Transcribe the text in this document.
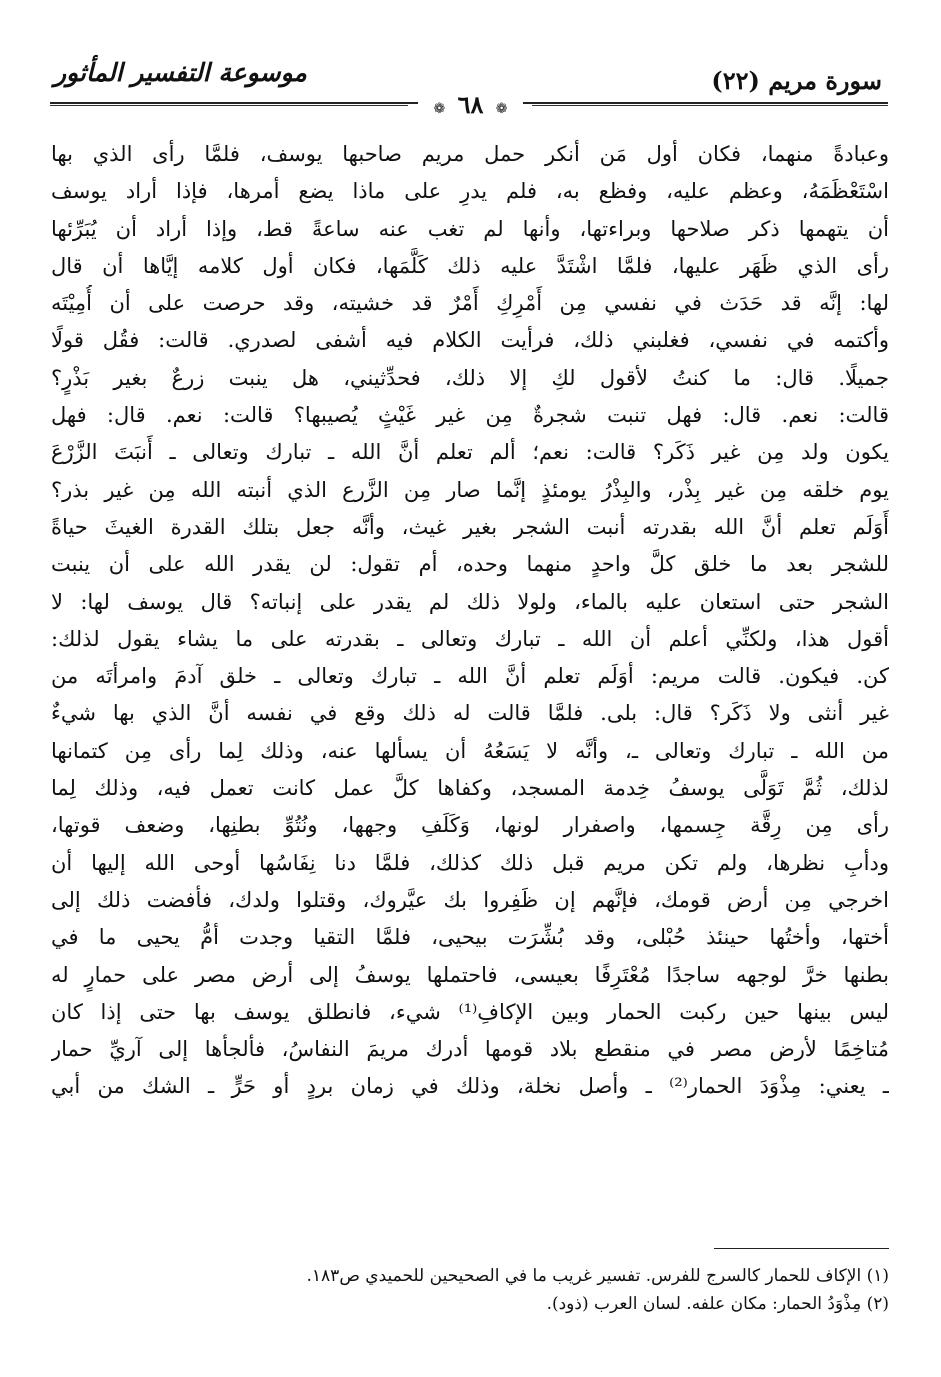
سورة مريم (٢٢)
موسوعة التفسير المأثور
❁ ٦٨ ❁
وعبادةً منهما، فكان أول مَن أنكر حمل مريم صاحبها يوسف، فلمَّا رأى الذي بها
اسْتَعْظَمَهُ، وعظم عليه، وفظع به، فلم يدرِ على ماذا يضع أمرها، فإذا أراد يوسف
أن يتهمها ذكر صلاحها وبراءتها، وأنها لم تغب عنه ساعةً قط، وإذا أراد أن يُبَرِّئها
رأى الذي ظَهَر عليها، فلمَّا اشْتَدَّ عليه ذلك كَلَّمَها، فكان أول كلامه إيَّاها أن قال
لها: إنَّه قد حَدَث في نفسي مِن أَمْرِكِ أَمْرٌ قد خشيته، وقد حرصت على أن أُمِيْتَه
وأكتمه في نفسي، فغلبني ذلك، فرأيت الكلام فيه أشفى لصدري. قالت: فقُل قولًا
جميلًا. قال: ما كنتُ لأقول لكِ إلا ذلك، فحدِّثيني، هل ينبت زرعٌ بغير بَذْرٍ؟
قالت: نعم. قال: فهل تنبت شجرةٌ مِن غير غَيْثٍ يُصيبها؟ قالت: نعم. قال: فهل
يكون ولد مِن غير ذَكَر؟ قالت: نعم؛ ألم تعلم أنَّ الله ـ تبارك وتعالى ـ أَنبَتَ الزَّرْعَ
يوم خلقه مِن غير بِذْر، والبِذْرُ يومئذٍ إنَّما صار مِن الزَّرع الذي أنبته الله مِن غير بذر؟
أَوَلَم تعلم أنَّ الله بقدرته أنبت الشجر بغير غيث، وأنَّه جعل بتلك القدرة الغيثَ حياةً
للشجر بعد ما خلق كلَّ واحدٍ منهما وحده، أم تقول: لن يقدر الله على أن ينبت
الشجر حتى استعان عليه بالماء، ولولا ذلك لم يقدر على إنباته؟ قال يوسف لها: لا
أقول هذا، ولكنِّي أعلم أن الله ـ تبارك وتعالى ـ بقدرته على ما يشاء يقول لذلك:
كن. فيكون. قالت مريم: أوَلَم تعلم أنَّ الله ـ تبارك وتعالى ـ خلق آدمَ وامرأتَه من
غير أنثى ولا ذَكَر؟ قال: بلى. فلمَّا قالت له ذلك وقع في نفسه أنَّ الذي بها شيءٌ
من الله ـ تبارك وتعالى ـ، وأنَّه لا يَسَعُهُ أن يسألها عنه، وذلك لِما رأى مِن كتمانها
لذلك، ثُمَّ تَوَلَّى يوسفُ خِدمة المسجد، وكفاها كلَّ عمل كانت تعمل فيه، وذلك لِما
رأى مِن رِقَّة جِسمها، واصفرار لونها، وَكَلَفِ وجهها، ونُتُوِّ بطنِها، وضعف قوتها،
ودأبِ نظرها، ولم تكن مريم قبل ذلك كذلك، فلمَّا دنا نِفَاسُها أوحى الله إليها أن
اخرجي مِن أرض قومك، فإنَّهم إن ظَفِروا بك عيَّروك، وقتلوا ولدك، فأفضت ذلك إلى
أختها، وأختُها حينئذ حُبْلى، وقد بُشِّرَت بيحيى، فلمَّا التقيا وجدت أمُّ يحيى ما في
بطنها خرَّ لوجهه ساجدًا مُعْتَرِفًا بعيسى، فاحتملها يوسفُ إلى أرض مصر على حمارٍ له
ليس بينها حين ركبت الحمار وبين الإكافِ⁽¹⁾ شيء، فانطلق يوسف بها حتى إذا كان
مُتاخِمًا لأرض مصر في منقطع بلاد قومها أدرك مريمَ النفاسُ، فألجأها إلى آريِّ حمار
ـ يعني: مِذْوَدَ الحمار⁽²⁾ ـ وأصل نخلة، وذلك في زمان بردٍ أو حَرٍّ ـ الشك من أبي
(١) الإكاف للحمار كالسرج للفرس. تفسير غريب ما في الصحيحين للحميدي ص١٨٣.
(٢) مِذْوَدُ الحمار: مكان علفه. لسان العرب (ذود).
